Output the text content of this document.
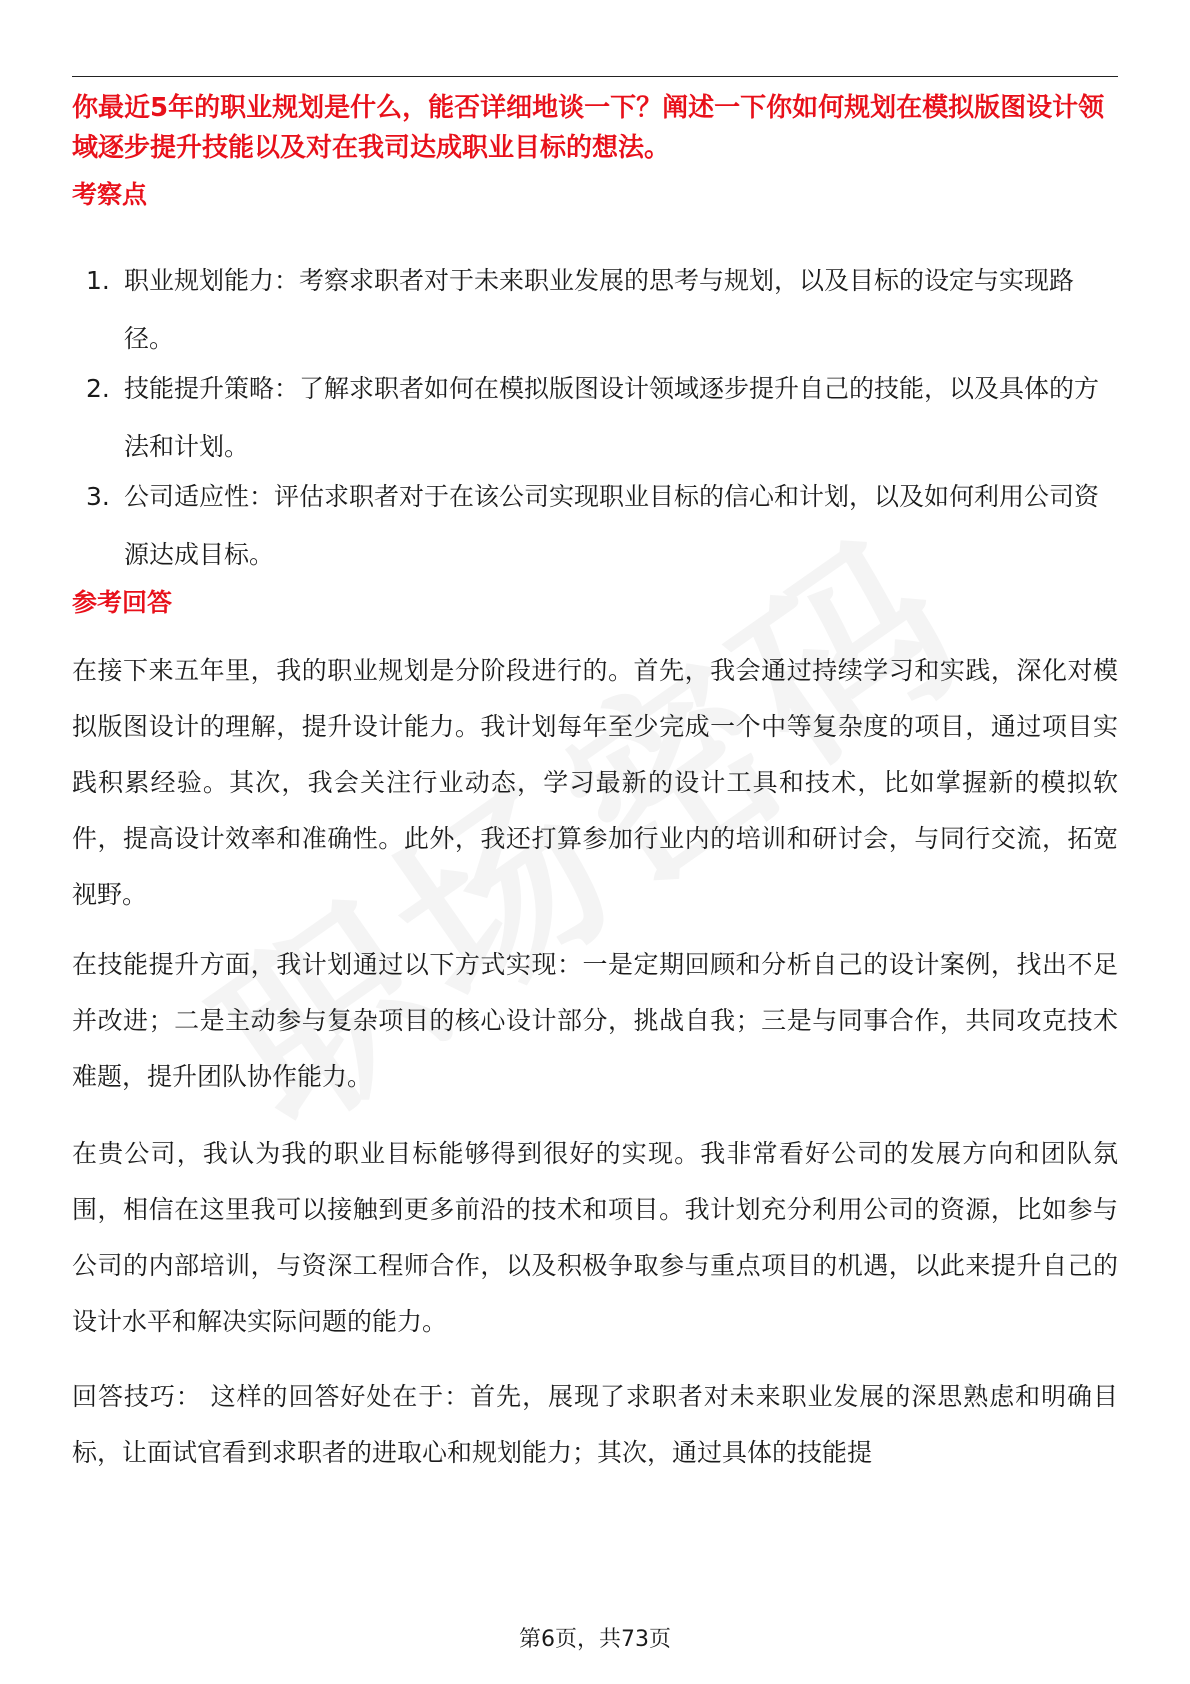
你最近5年的职业规划是什么，能否详细地谈一下？阐述一下你如何规划在模拟版图设计领域逐步提升技能以及对在我司达成职业目标的想法。

考察点

1. 职业规划能力：考察求职者对于未来职业发展的思考与规划，以及目标的设定与实现路径。
2. 技能提升策略：了解求职者如何在模拟版图设计领域逐步提升自己的技能，以及具体的方法和计划。
3. 公司适应性：评估求职者对于在该公司实现职业目标的信心和计划，以及如何利用公司资源达成目标。

参考回答

在接下来五年里，我的职业规划是分阶段进行的。首先，我会通过持续学习和实践，深化对模拟版图设计的理解，提升设计能力。我计划每年至少完成一个中等复杂度的项目，通过项目实践积累经验。其次，我会关注行业动态，学习最新的设计工具和技术，比如掌握新的模拟软件，提高设计效率和准确性。此外，我还打算参加行业内的培训和研讨会，与同行交流，拓宽视野。

在技能提升方面，我计划通过以下方式实现：一是定期回顾和分析自己的设计案例，找出不足并改进；二是主动参与复杂项目的核心设计部分，挑战自我；三是与同事合作，共同攻克技术难题，提升团队协作能力。

在贵公司，我认为我的职业目标能够得到很好的实现。我非常看好公司的发展方向和团队氛围，相信在这里我可以接触到更多前沿的技术和项目。我计划充分利用公司的资源，比如参与公司的内部培训，与资深工程师合作，以及积极争取参与重点项目的机遇，以此来提升自己的设计水平和解决实际问题的能力。

回答技巧： 这样的回答好处在于：首先，展现了求职者对未来职业发展的深思熟虑和明确目标，让面试官看到求职者的进取心和规划能力；其次，通过具体的技能提

第6页，共73页
